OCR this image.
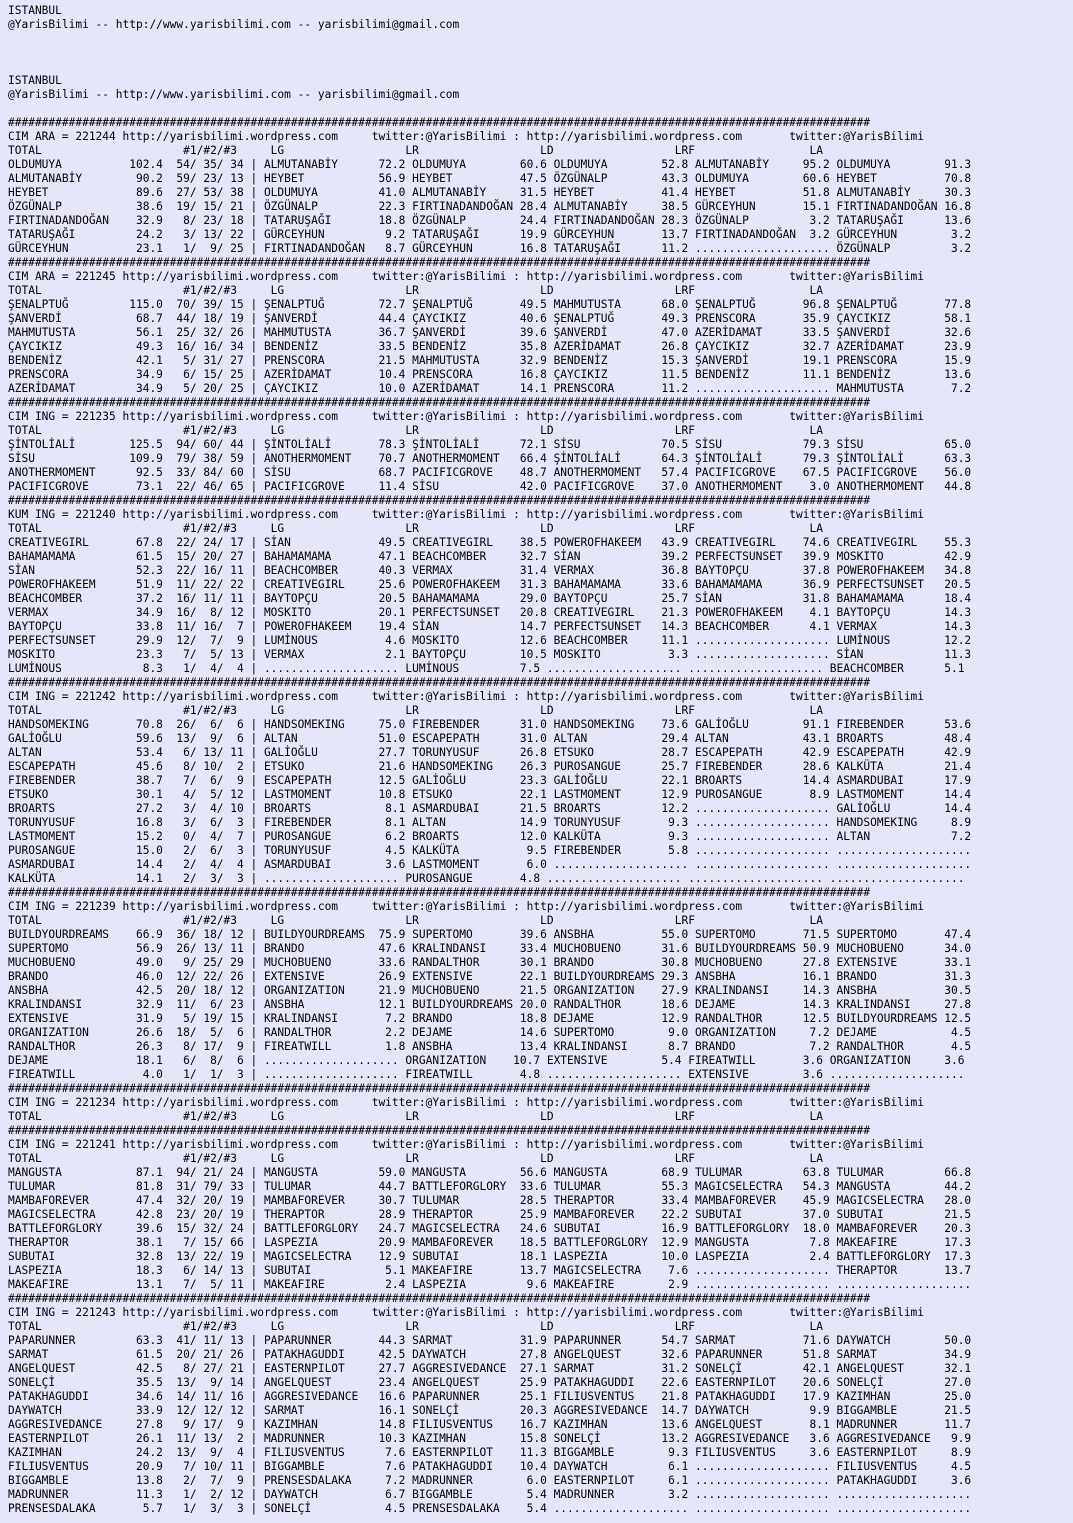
ISTANBUL
@YarisBilimi -- http://www.yarisbilimi.com -- yarisbilimi@gmail.com
ISTANBUL
@YarisBilimi -- http://www.yarisbilimi.com -- yarisbilimi@gmail.com
################################################################################################################################
CIM ARA = 221244 http://yarisbilimi.wordpress.com     twitter:@YarisBilimi : http://yarisbilimi.wordpress.com       twitter:@YarisBilimi
TOTAL                     #1/#2/#3     LG                  LR                  LD                  LRF                 LA
OLDUMUYA          102.4  54/ 35/ 34 | ALMUTANABİY      72.2 OLDUMUYA        60.6 OLDUMUYA        52.8 ALMUTANABİY     95.2 OLDUMUYA        91.3
ALMUTANABİY        90.2  59/ 23/ 13 | HEYBET           56.9 HEYBET          47.5 ÖZGÜNALP        43.3 OLDUMUYA        60.6 HEYBET          70.8
HEYBET             89.6  27/ 53/ 38 | OLDUMUYA         41.0 ALMUTANABİY     31.5 HEYBET          41.4 HEYBET          51.8 ALMUTANABİY     30.3
ÖZGÜNALP           38.6  19/ 15/ 21 | ÖZGÜNALP         22.3 FIRTINADANDOĞAN 28.4 ALMUTANABİY     38.5 GÜRCEYHUN       15.1 FIRTINADANDOĞAN 16.8
FIRTINADANDOĞAN    32.9   8/ 23/ 18 | TATARUŞAĞI       18.8 ÖZGÜNALP        24.4 FIRTINADANDOĞAN 28.3 ÖZGÜNALP         3.2 TATARUŞAĞI      13.6
TATARUŞAĞI         24.2   3/ 13/ 22 | GÜRCEYHUN         9.2 TATARUŞAĞI      19.9 GÜRCEYHUN       13.7 FIRTINADANDOĞAN  3.2 GÜRCEYHUN        3.2
GÜRCEYHUN          23.1   1/  9/ 25 | FIRTINADANDOĞAN   8.7 GÜRCEYHUN       16.8 TATARUŞAĞI      11.2 .................... ÖZGÜNALP         3.2
################################################################################################################################
CIM ARA = 221245 http://yarisbilimi.wordpress.com     twitter:@YarisBilimi : http://yarisbilimi.wordpress.com       twitter:@YarisBilimi
TOTAL                     #1/#2/#3     LG                  LR                  LD                  LRF                 LA
ŞENALPTUĞ         115.0  70/ 39/ 15 | ŞENALPTUĞ        72.7 ŞENALPTUĞ       49.5 MAHMUTUSTA      68.0 ŞENALPTUĞ       96.8 ŞENALPTUĞ       77.8
ŞANVERDİ           68.7  44/ 18/ 19 | ŞANVERDİ         44.4 ÇAYCIKIZ        40.6 ŞENALPTUĞ       49.3 PRENSCORA       35.9 ÇAYCIKIZ        58.1
MAHMUTUSTA         56.1  25/ 32/ 26 | MAHMUTUSTA       36.7 ŞANVERDİ        39.6 ŞANVERDİ        47.0 AZERİDAMAT      33.5 ŞANVERDİ        32.6
ÇAYCIKIZ           49.3  16/ 16/ 34 | BENDENİZ         33.5 BENDENİZ        35.8 AZERİDAMAT      26.8 ÇAYCIKIZ        32.7 AZERİDAMAT      23.9
BENDENİZ           42.1   5/ 31/ 27 | PRENSCORA        21.5 MAHMUTUSTA      32.9 BENDENİZ        15.3 ŞANVERDİ        19.1 PRENSCORA       15.9
PRENSCORA          34.9   6/ 15/ 25 | AZERİDAMAT       10.4 PRENSCORA       16.8 ÇAYCIKIZ        11.5 BENDENİZ        11.1 BENDENİZ        13.6
AZERİDAMAT         34.9   5/ 20/ 25 | ÇAYCIKIZ         10.0 AZERİDAMAT      14.1 PRENSCORA       11.2 .................... MAHMUTUSTA       7.2
################################################################################################################################
CIM ING = 221235 http://yarisbilimi.wordpress.com     twitter:@YarisBilimi : http://yarisbilimi.wordpress.com       twitter:@YarisBilimi
TOTAL                     #1/#2/#3     LG                  LR                  LD                  LRF                 LA
ŞİNTOLİALİ        125.5  94/ 60/ 44 | ŞİNTOLİALİ       78.3 ŞİNTOLİALİ      72.1 SİSU            70.5 SİSU            79.3 SİSU            65.0
SİSU              109.9  79/ 38/ 59 | ANOTHERMOMENT    70.7 ANOTHERMOMENT   66.4 ŞİNTOLİALİ      64.3 ŞİNTOLİALİ      79.3 ŞİNTOLİALİ      63.3
ANOTHERMOMENT      92.5  33/ 84/ 60 | SİSU             68.7 PACIFICGROVE    48.7 ANOTHERMOMENT   57.4 PACIFICGROVE    67.5 PACIFICGROVE    56.0
PACIFICGROVE       73.1  22/ 46/ 65 | PACIFICGROVE     11.4 SİSU            42.0 PACIFICGROVE    37.0 ANOTHERMOMENT    3.0 ANOTHERMOMENT   44.8
################################################################################################################################
KUM ING = 221240 http://yarisbilimi.wordpress.com     twitter:@YarisBilimi : http://yarisbilimi.wordpress.com       twitter:@YarisBilimi
TOTAL                     #1/#2/#3     LG                  LR                  LD                  LRF                 LA
CREATIVEGIRL       67.8  22/ 24/ 17 | SİAN             49.5 CREATIVEGIRL    38.5 POWEROFHAKEEM   43.9 CREATIVEGIRL    74.6 CREATIVEGIRL    55.3
BAHAMAMAMA         61.5  15/ 20/ 27 | BAHAMAMAMA       47.1 BEACHCOMBER     32.7 SİAN            39.2 PERFECTSUNSET   39.9 MOSKITO         42.9
SİAN               52.3  22/ 16/ 11 | BEACHCOMBER      40.3 VERMAX          31.4 VERMAX          36.8 BAYTOPÇU        37.8 POWEROFHAKEEM   34.8
POWEROFHAKEEM      51.9  11/ 22/ 22 | CREATIVEGIRL     25.6 POWEROFHAKEEM   31.3 BAHAMAMAMA      33.6 BAHAMAMAMA      36.9 PERFECTSUNSET   20.5
BEACHCOMBER        37.2  16/ 11/ 11 | BAYTOPÇU         20.5 BAHAMAMAMA      29.0 BAYTOPÇU        25.7 SİAN            31.8 BAHAMAMAMA      18.4
VERMAX             34.9  16/  8/ 12 | MOSKITO          20.1 PERFECTSUNSET   20.8 CREATIVEGIRL    21.3 POWEROFHAKEEM    4.1 BAYTOPÇU        14.3
BAYTOPÇU           33.8  11/ 16/  7 | POWEROFHAKEEM    19.4 SİAN            14.7 PERFECTSUNSET   14.3 BEACHCOMBER      4.1 VERMAX          14.3
PERFECTSUNSET      29.9  12/  7/  9 | LUMİNOUS          4.6 MOSKITO         12.6 BEACHCOMBER     11.1 .................... LUMİNOUS        12.2
MOSKITO            23.3   7/  5/ 13 | VERMAX            2.1 BAYTOPÇU        10.5 MOSKITO          3.3 .................... SİAN            11.3
LUMİNOUS            8.3   1/  4/  4 | .................... LUMİNOUS         7.5 .................... .................... BEACHCOMBER      5.1
################################################################################################################################
CIM ING = 221242 http://yarisbilimi.wordpress.com     twitter:@YarisBilimi : http://yarisbilimi.wordpress.com       twitter:@YarisBilimi
TOTAL                     #1/#2/#3     LG                  LR                  LD                  LRF                 LA
HANDSOMEKING       70.8  26/  6/  6 | HANDSOMEKING     75.0 FIREBENDER      31.0 HANDSOMEKING    73.6 GALİOĞLU        91.1 FIREBENDER      53.6
GALİOĞLU           59.6  13/  9/  6 | ALTAN            51.0 ESCAPEPATH      31.0 ALTAN           29.4 ALTAN           43.1 BROARTS         48.4
ALTAN              53.4   6/ 13/ 11 | GALİOĞLU         27.7 TORUNYUSUF      26.8 ETSUKO          28.7 ESCAPEPATH      42.9 ESCAPEPATH      42.9
ESCAPEPATH         45.6   8/ 10/  2 | ETSUKO           21.6 HANDSOMEKING    26.3 PUROSANGUE      25.7 FIREBENDER      28.6 KALKÜTA         21.4
FIREBENDER         38.7   7/  6/  9 | ESCAPEPATH       12.5 GALİOĞLU        23.3 GALİOĞLU        22.1 BROARTS         14.4 ASMARDUBAI      17.9
ETSUKO             30.1   4/  5/ 12 | LASTMOMENT       10.8 ETSUKO          22.1 LASTMOMENT      12.9 PUROSANGUE       8.9 LASTMOMENT      14.4
BROARTS            27.2   3/  4/ 10 | BROARTS           8.1 ASMARDUBAI      21.5 BROARTS         12.2 .................... GALİOĞLU        14.4
TORUNYUSUF         16.8   3/  6/  3 | FIREBENDER        8.1 ALTAN           14.9 TORUNYUSUF       9.3 .................... HANDSOMEKING     8.9
LASTMOMENT         15.2   0/  4/  7 | PUROSANGUE        6.2 BROARTS         12.0 KALKÜTA          9.3 .................... ALTAN            7.2
PUROSANGUE         15.0   2/  6/  3 | TORUNYUSUF        4.5 KALKÜTA          9.5 FIREBENDER       5.8 .................... ....................
ASMARDUBAI         14.4   2/  4/  4 | ASMARDUBAI        3.6 LASTMOMENT       6.0 .................... .................... ....................
KALKÜTA            14.1   2/  3/  3 | .................... PUROSANGUE       4.8 .................... .................... ....................
################################################################################################################################
CIM ING = 221239 http://yarisbilimi.wordpress.com     twitter:@YarisBilimi : http://yarisbilimi.wordpress.com       twitter:@YarisBilimi
TOTAL                     #1/#2/#3     LG                  LR                  LD                  LRF                 LA
BUILDYOURDREAMS    66.9  36/ 18/ 12 | BUILDYOURDREAMS  75.9 SUPERTOMO       39.6 ANSBHA          55.0 SUPERTOMO       71.5 SUPERTOMO       47.4
SUPERTOMO          56.9  26/ 13/ 11 | BRANDO           47.6 KRALINDANSI     33.4 MUCHOBUENO      31.6 BUILDYOURDREAMS 50.9 MUCHOBUENO      34.0
MUCHOBUENO         49.0   9/ 25/ 29 | MUCHOBUENO       33.6 RANDALTHOR      30.1 BRANDO          30.8 MUCHOBUENO      27.8 EXTENSIVE       33.1
BRANDO             46.0  12/ 22/ 26 | EXTENSIVE        26.9 EXTENSIVE       22.1 BUILDYOURDREAMS 29.3 ANSBHA          16.1 BRANDO          31.3
ANSBHA             42.5  20/ 18/ 12 | ORGANIZATION     21.9 MUCHOBUENO      21.5 ORGANIZATION    27.9 KRALINDANSI     14.3 ANSBHA          30.5
KRALINDANSI        32.9  11/  6/ 23 | ANSBHA           12.1 BUILDYOURDREAMS 20.0 RANDALTHOR      18.6 DEJAME          14.3 KRALINDANSI     27.8
EXTENSIVE          31.9   5/ 19/ 15 | KRALINDANSI       7.2 BRANDO          18.8 DEJAME          12.9 RANDALTHOR      12.5 BUILDYOURDREAMS 12.5
ORGANIZATION       26.6  18/  5/  6 | RANDALTHOR        2.2 DEJAME          14.6 SUPERTOMO        9.0 ORGANIZATION     7.2 DEJAME           4.5
RANDALTHOR         26.3   8/ 17/  9 | FIREATWILL        1.8 ANSBHA          13.4 KRALINDANSI      8.7 BRANDO           7.2 RANDALTHOR       4.5
DEJAME             18.1   6/  8/  6 | .................... ORGANIZATION    10.7 EXTENSIVE        5.4 FIREATWILL       3.6 ORGANIZATION     3.6
FIREATWILL          4.0   1/  1/  3 | .................... FIREATWILL       4.8 .................... EXTENSIVE        3.6 ....................
################################################################################################################################
CIM ING = 221234 http://yarisbilimi.wordpress.com     twitter:@YarisBilimi : http://yarisbilimi.wordpress.com       twitter:@YarisBilimi
TOTAL                     #1/#2/#3     LG                  LR                  LD                  LRF                 LA
################################################################################################################################
CIM ING = 221241 http://yarisbilimi.wordpress.com     twitter:@YarisBilimi : http://yarisbilimi.wordpress.com       twitter:@YarisBilimi
TOTAL                     #1/#2/#3     LG                  LR                  LD                  LRF                 LA
MANGUSTA           87.1  94/ 21/ 24 | MANGUSTA         59.0 MANGUSTA        56.6 MANGUSTA        68.9 TULUMAR         63.8 TULUMAR         66.8
TULUMAR            81.8  31/ 79/ 33 | TULUMAR          44.7 BATTLEFORGLORY  33.6 TULUMAR         55.3 MAGICSELECTRA   54.3 MANGUSTA        44.2
MAMBAFOREVER       47.4  32/ 20/ 19 | MAMBAFOREVER     30.7 TULUMAR         28.5 THERAPTOR       33.4 MAMBAFOREVER    45.9 MAGICSELECTRA   28.0
MAGICSELECTRA      42.8  23/ 20/ 19 | THERAPTOR        28.9 THERAPTOR       25.9 MAMBAFOREVER    22.2 SUBUTAI         37.0 SUBUTAI         21.5
BATTLEFORGLORY     39.6  15/ 32/ 24 | BATTLEFORGLORY   24.7 MAGICSELECTRA   24.6 SUBUTAI         16.9 BATTLEFORGLORY  18.0 MAMBAFOREVER    20.3
THERAPTOR          38.1   7/ 15/ 66 | LASPEZIA         20.9 MAMBAFOREVER    18.5 BATTLEFORGLORY  12.9 MANGUSTA         7.8 MAKEAFIRE       17.3
SUBUTAI            32.8  13/ 22/ 19 | MAGICSELECTRA    12.9 SUBUTAI         18.1 LASPEZIA        10.0 LASPEZIA         2.4 BATTLEFORGLORY  17.3
LASPEZIA           18.3   6/ 14/ 13 | SUBUTAI           5.1 MAKEAFIRE       13.7 MAGICSELECTRA    7.6 .................... THERAPTOR       13.7
MAKEAFIRE          13.1   7/  5/ 11 | MAKEAFIRE         2.4 LASPEZIA         9.6 MAKEAFIRE        2.9 .................... ....................
################################################################################################################################
CIM ING = 221243 http://yarisbilimi.wordpress.com     twitter:@YarisBilimi : http://yarisbilimi.wordpress.com       twitter:@YarisBilimi
TOTAL                     #1/#2/#3     LG                  LR                  LD                  LRF                 LA
PAPARUNNER         63.3  41/ 11/ 13 | PAPARUNNER       44.3 SARMAT          31.9 PAPARUNNER      54.7 SARMAT          71.6 DAYWATCH        50.0
SARMAT             61.5  20/ 21/ 26 | PATAKHAGUDDI     42.5 DAYWATCH        27.8 ANGELQUEST      32.6 PAPARUNNER      51.8 SARMAT          34.9
ANGELQUEST         42.5   8/ 27/ 21 | EASTERNPILOT     27.7 AGGRESIVEDANCE  27.1 SARMAT          31.2 SONELÇİ         42.1 ANGELQUEST      32.1
SONELÇİ            35.5  13/  9/ 14 | ANGELQUEST       23.4 ANGELQUEST      25.9 PATAKHAGUDDI    22.6 EASTERNPILOT    20.6 SONELÇİ         27.0
PATAKHAGUDDI       34.6  14/ 11/ 16 | AGGRESIVEDANCE   16.6 PAPARUNNER      25.1 FILIUSVENTUS    21.8 PATAKHAGUDDI    17.9 KAZIMHAN        25.0
DAYWATCH           33.9  12/ 12/ 12 | SARMAT           16.1 SONELÇİ         20.3 AGGRESIVEDANCE  14.7 DAYWATCH         9.9 BIGGAMBLE       21.5
AGGRESIVEDANCE     27.8   9/ 17/  9 | KAZIMHAN         14.8 FILIUSVENTUS    16.7 KAZIMHAN        13.6 ANGELQUEST       8.1 MADRUNNER       11.7
EASTERNPILOT       26.1  11/ 13/  2 | MADRUNNER        10.3 KAZIMHAN        15.8 SONELÇİ         13.2 AGGRESIVEDANCE   3.6 AGGRESIVEDANCE   9.9
KAZIMHAN           24.2  13/  9/  4 | FILIUSVENTUS      7.6 EASTERNPILOT    11.3 BIGGAMBLE        9.3 FILIUSVENTUS     3.6 EASTERNPILOT     8.9
FILIUSVENTUS       20.9   7/ 10/ 11 | BIGGAMBLE         7.6 PATAKHAGUDDI    10.4 DAYWATCH         6.1 .................... FILIUSVENTUS     4.5
BIGGAMBLE          13.8   2/  7/  9 | PRENSESDALAKA     7.2 MADRUNNER        6.0 EASTERNPILOT     6.1 .................... PATAKHAGUDDI     3.6
MADRUNNER          11.3   1/  2/ 12 | DAYWATCH          6.7 BIGGAMBLE        5.4 MADRUNNER        3.2 .................... ....................
PRENSESDALAKA       5.7   1/  3/  3 | SONELÇİ           4.5 PRENSESDALAKA    5.4 .................... .................... ....................
